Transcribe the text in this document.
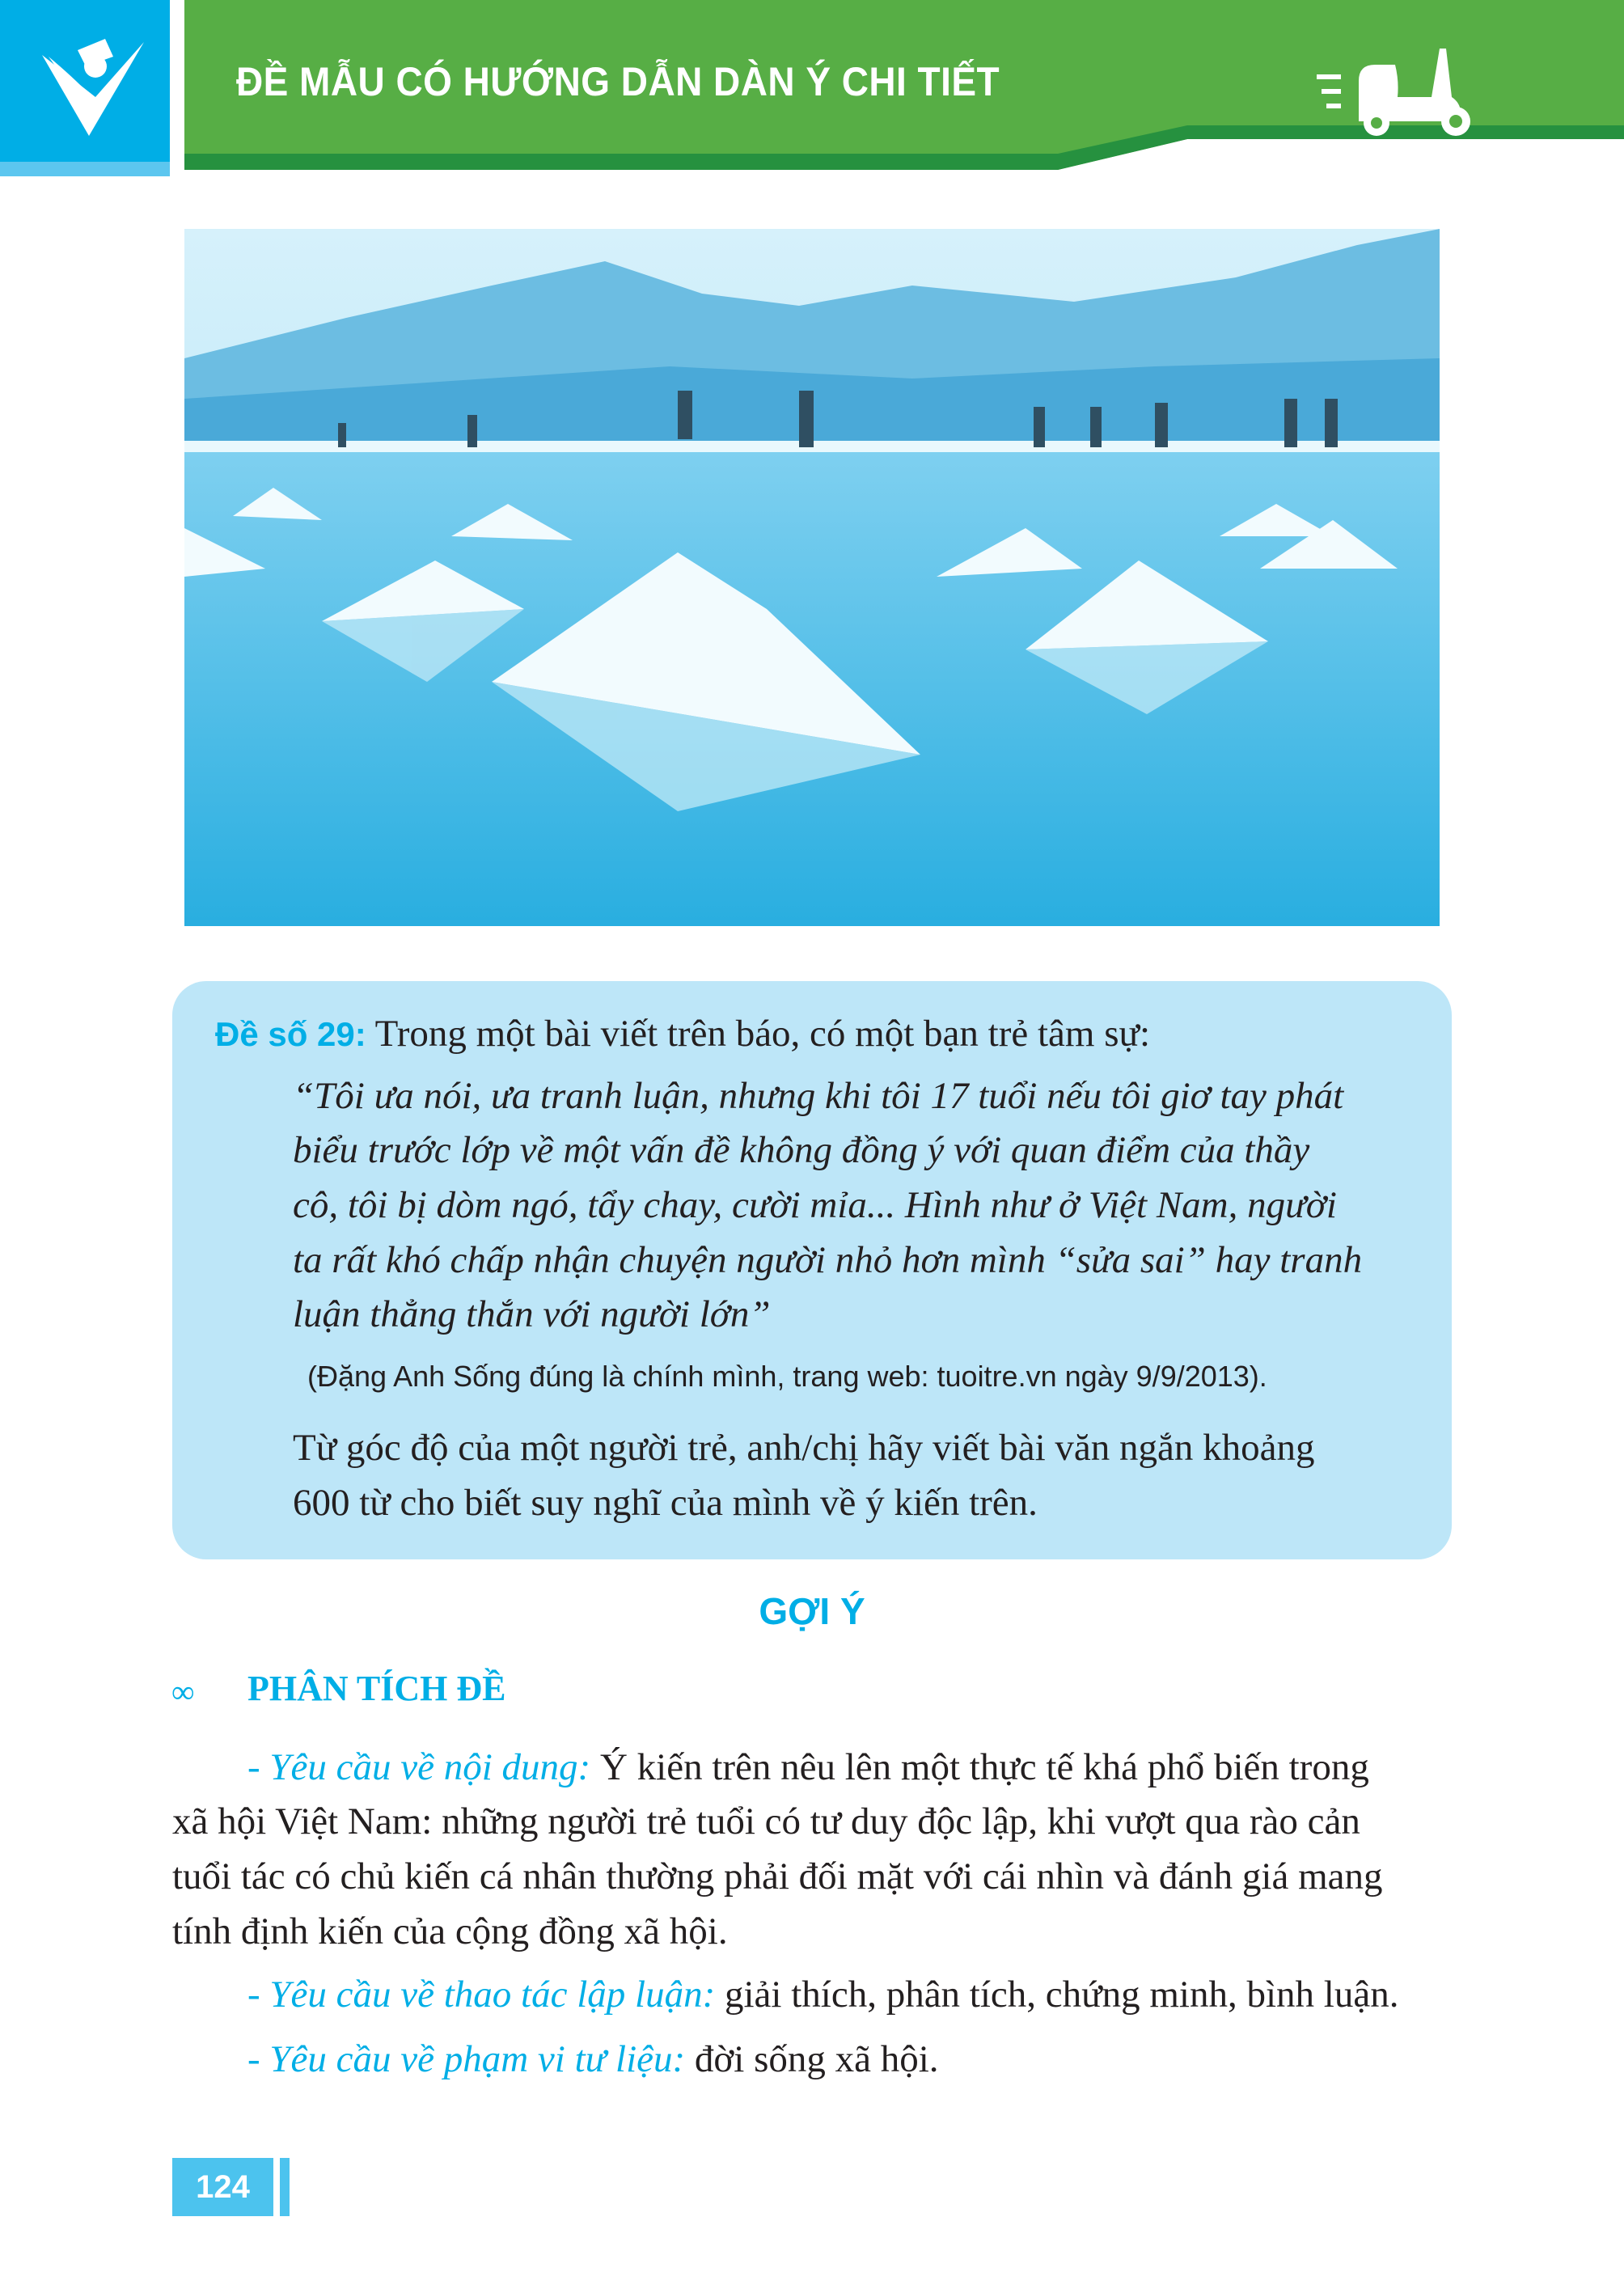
ĐỀ MẪU CÓ HƯỚNG DẪN DÀN Ý CHI TIẾT
Đề số 29: Trong một bài viết trên báo, có một bạn trẻ tâm sự:
“Tôi ưa nói, ưa tranh luận, nhưng khi tôi 17 tuổi nếu tôi giơ tay phát
biểu trước lớp về một vấn đề không đồng ý với quan điểm của thầy
cô, tôi bị dòm ngó, tẩy chay, cười mỉa... Hình như ở Việt Nam, người
ta rất khó chấp nhận chuyện người nhỏ hơn mình “sửa sai” hay tranh
luận thẳng thắn với người lớn”
(Đặng Anh Sống đúng là chính mình, trang web: tuoitre.vn ngày 9/9/2013).
Từ góc độ của một người trẻ, anh/chị hãy viết bài văn ngắn khoảng
600 từ cho biết suy nghĩ của mình về ý kiến trên.
GỢI Ý
∞ PHÂN TÍCH ĐỀ
- Yêu cầu về nội dung: Ý kiến trên nêu lên một thực tế khá phổ biến trong
xã hội Việt Nam: những người trẻ tuổi có tư duy độc lập, khi vượt qua rào cản
tuổi tác có chủ kiến cá nhân thường phải đối mặt với cái nhìn và đánh giá mang
tính định kiến của cộng đồng xã hội.
- Yêu cầu về thao tác lập luận: giải thích, phân tích, chứng minh, bình luận.
- Yêu cầu về phạm vi tư liệu: đời sống xã hội.
124
